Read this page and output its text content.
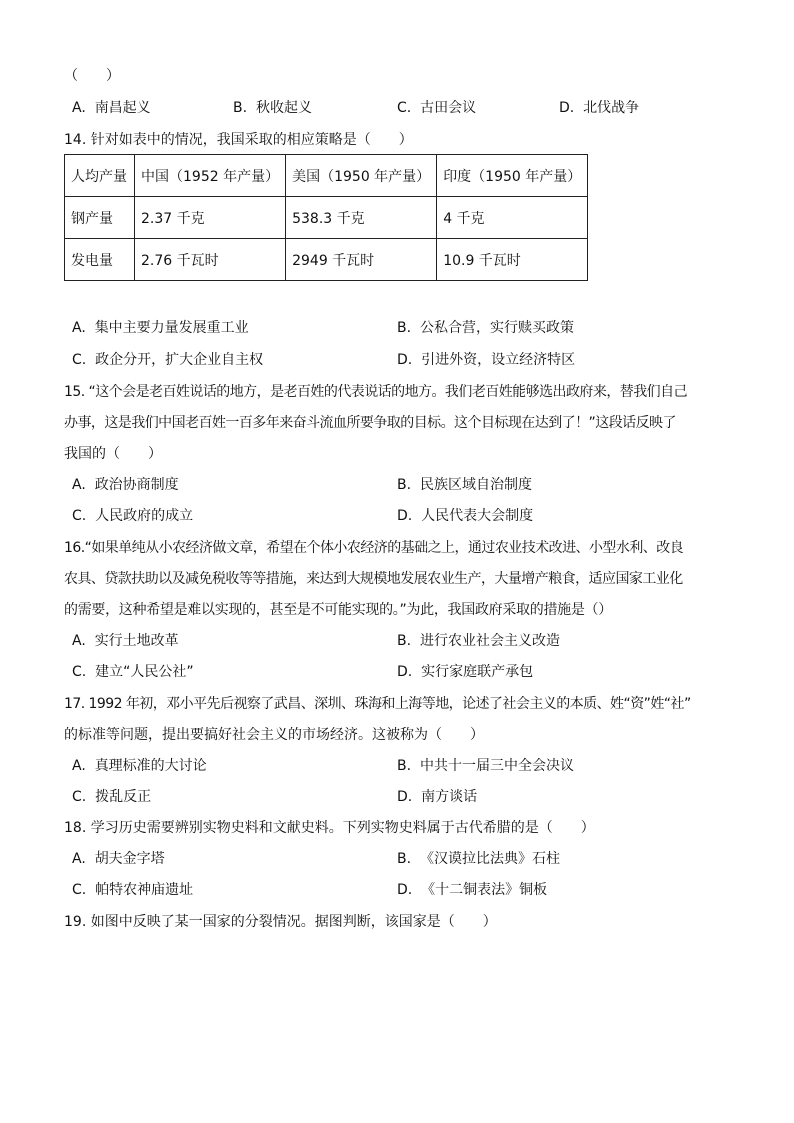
（　　）
A. 南昌起义	B. 秋收起义	C. 古田会议	D. 北伐战争
14. 针对如表中的情况，我国采取的相应策略是（　　）
人均产量	中国（1952 年产量）	美国（1950 年产量）	印度（1950 年产量）
钢产量	2.37 千克	538.3 千克	4 千克
发电量	2.76 千瓦时	2949 千瓦时	10.9 千瓦时
A. 集中主要力量发展重工业	B. 公私合营，实行赎买政策
C. 政企分开，扩大企业自主权	D. 引进外资，设立经济特区
15. “这个会是老百姓说话的地方，是老百姓的代表说话的地方。我们老百姓能够选出政府来，替我们自己
办事，这是我们中国老百姓一百多年来奋斗流血所要争取的目标。这个目标现在达到了！”这段话反映了
我国的（　　）
A. 政治协商制度	B. 民族区域自治制度
C. 人民政府的成立	D. 人民代表大会制度
16.“如果单纯从小农经济做文章，希望在个体小农经济的基础之上，通过农业技术改进、小型水利、改良
农具、贷款扶助以及减免税收等等措施，来达到大规模地发展农业生产，大量增产粮食，适应国家工业化
的需要，这种希望是难以实现的，甚至是不可能实现的。”为此，我国政府采取的措施是（）
A. 实行土地改革	B. 进行农业社会主义改造
C. 建立“人民公社”	D. 实行家庭联产承包
17. 1992 年初，邓小平先后视察了武昌、深圳、珠海和上海等地，论述了社会主义的本质、姓“资”姓“社”
的标准等问题，提出要搞好社会主义的市场经济。这被称为（　　）
A. 真理标准的大讨论	B. 中共十一届三中全会决议
C. 拨乱反正	D. 南方谈话
18. 学习历史需要辨别实物史料和文献史料。下列实物史料属于古代希腊的是（　　）
A. 胡夫金字塔	B. 《汉谟拉比法典》石柱
C. 帕特农神庙遗址	D. 《十二铜表法》铜板
19. 如图中反映了某一国家的分裂情况。据图判断，该国家是（　　）
